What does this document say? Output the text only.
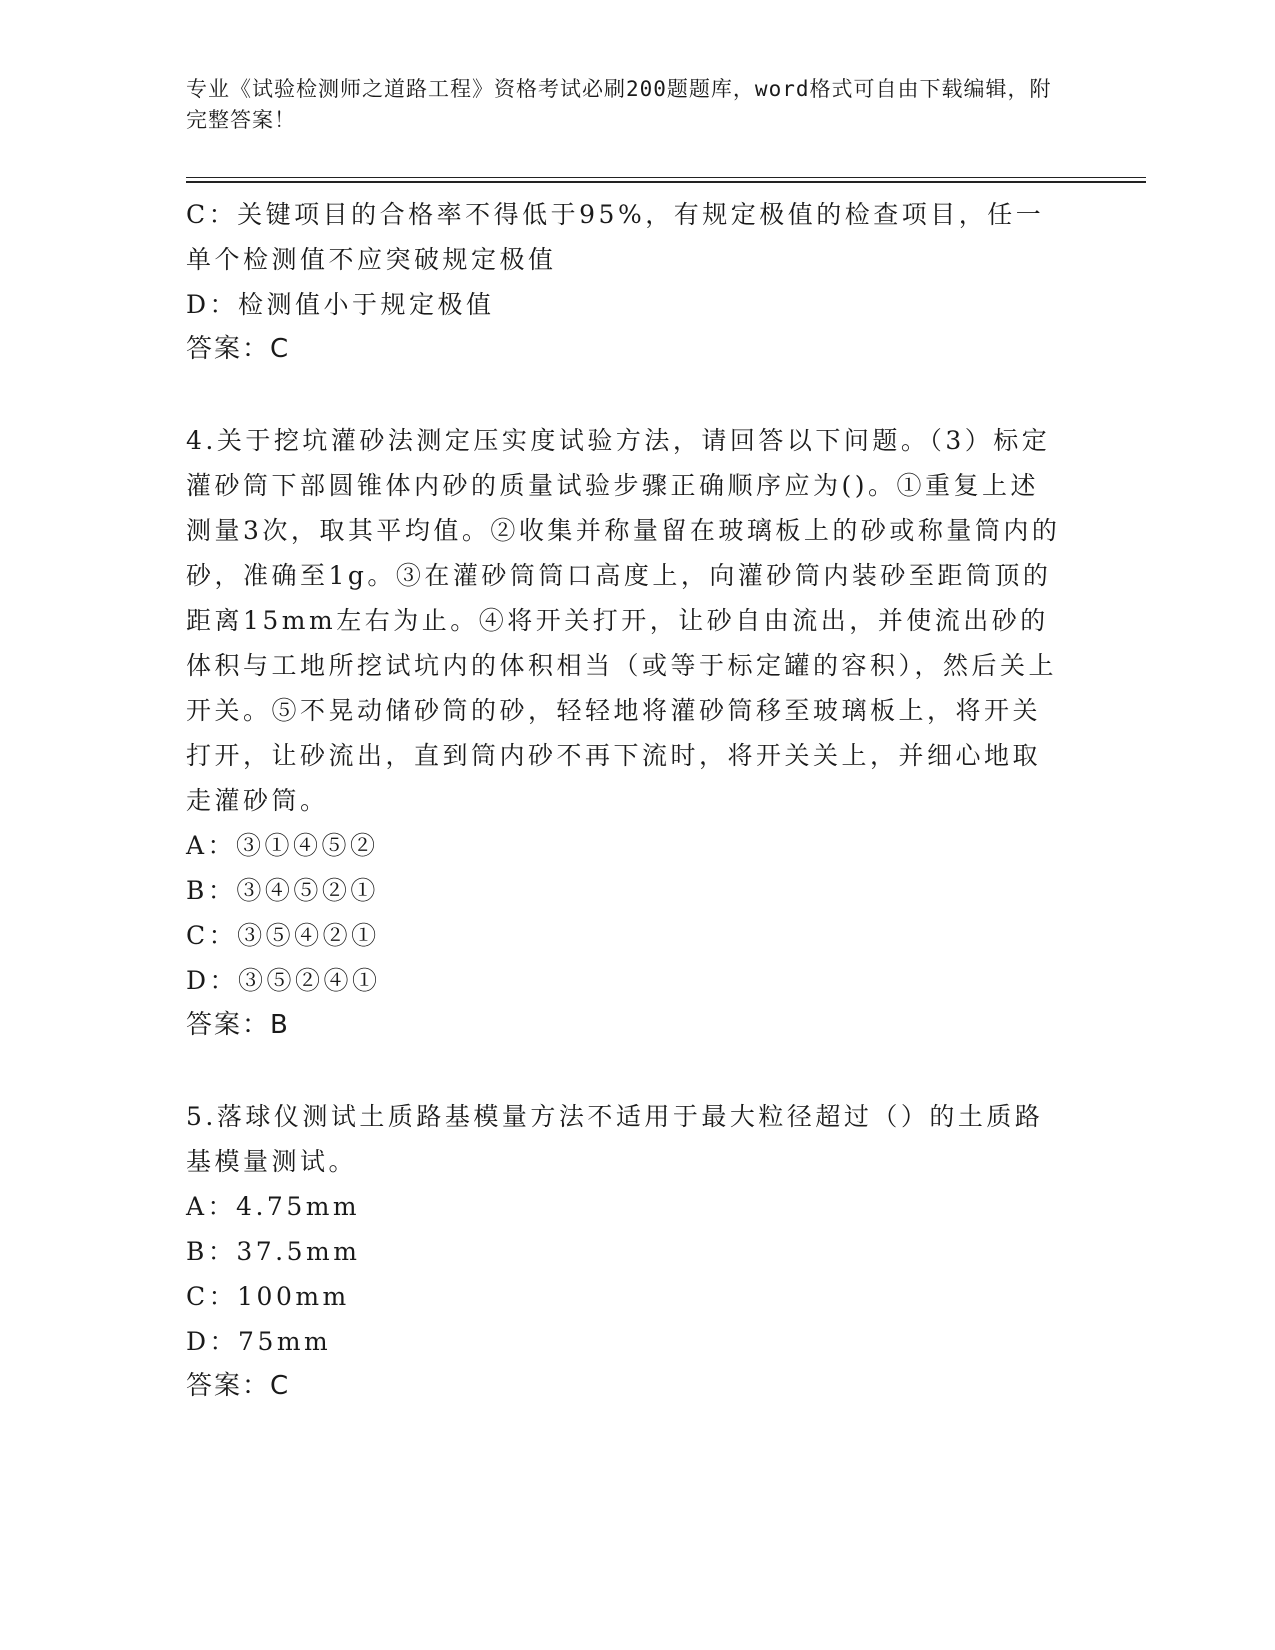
专业《试验检测师之道路工程》资格考试必刷200题题库，word格式可自由下载编辑，附完整答案！
C：关键项目的合格率不得低于95%，有规定极值的检查项目，任一单个检测值不应突破规定极值
D：检测值小于规定极值
答案：C
4.关于挖坑灌砂法测定压实度试验方法，请回答以下问题。（3）标定灌砂筒下部圆锥体内砂的质量试验步骤正确顺序应为()。①重复上述测量3次，取其平均值。②收集并称量留在玻璃板上的砂或称量筒内的砂，准确至1g。③在灌砂筒筒口高度上，向灌砂筒内装砂至距筒顶的距离15mm左右为止。④将开关打开，让砂自由流出，并使流出砂的体积与工地所挖试坑内的体积相当（或等于标定罐的容积），然后关上开关。⑤不晃动储砂筒的砂，轻轻地将灌砂筒移至玻璃板上，将开关打开，让砂流出，直到筒内砂不再下流时，将开关关上，并细心地取走灌砂筒。
A：③①④⑤②
B：③④⑤②①
C：③⑤④②①
D：③⑤②④①
答案：B
5.落球仪测试土质路基模量方法不适用于最大粒径超过（）的土质路基模量测试。
A：4.75mm
B：37.5mm
C：100mm
D：75mm
答案：C
